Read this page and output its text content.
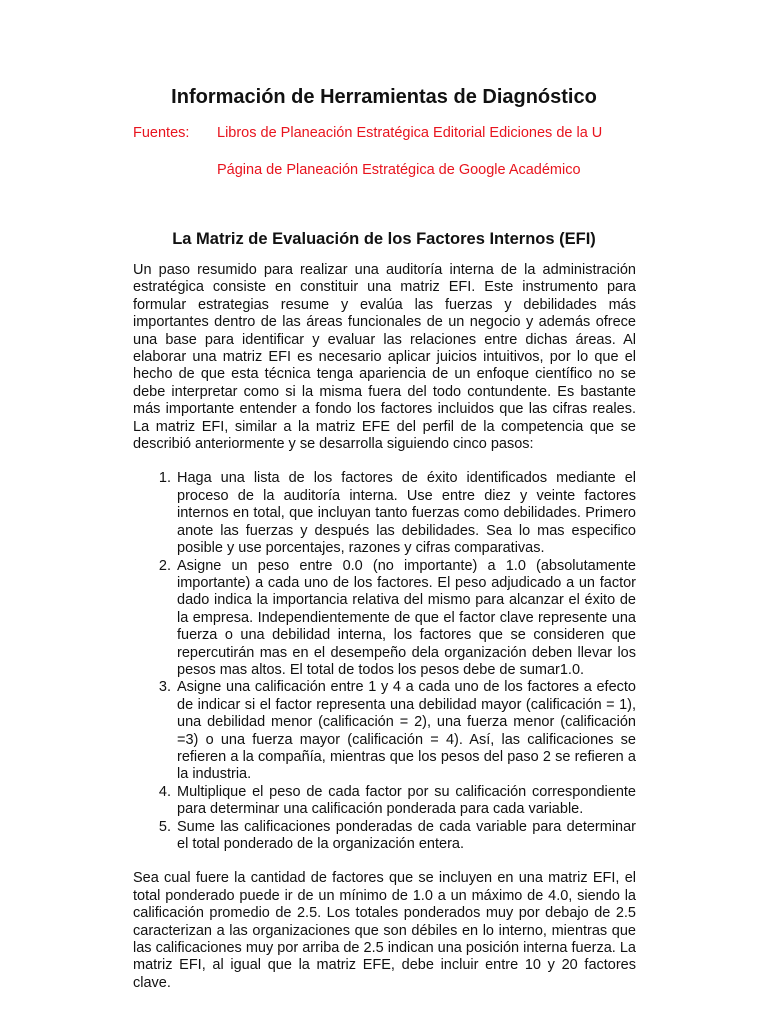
Información de Herramientas de Diagnóstico
Fuentes:	Libros de Planeación Estratégica Editorial Ediciones de la U
Página de Planeación Estratégica de Google Académico
La Matriz de Evaluación de los Factores Internos (EFI)

Un paso resumido para realizar una auditoría interna de la administración estratégica consiste en constituir una matriz EFI. Este instrumento para formular estrategias resume y evalúa las fuerzas y debilidades más importantes dentro de las áreas funcionales de un negocio y además ofrece una base para identificar y evaluar las relaciones entre dichas áreas. Al elaborar una matriz EFI es necesario aplicar juicios intuitivos, por lo que el hecho de que esta técnica tenga apariencia de un enfoque científico no se debe interpretar como si la misma fuera del todo contundente. Es bastante más importante entender a fondo los factores incluidos que las cifras reales. La matriz EFI, similar a la matriz EFE del perfil de la competencia que se describió anteriormente y se desarrolla siguiendo cinco pasos:

1. Haga una lista de los factores de éxito identificados mediante el proceso de la auditoría interna. Use entre diez y veinte factores internos en total, que incluyan tanto fuerzas como debilidades. Primero anote las fuerzas y después las debilidades. Sea lo mas especifico posible y use porcentajes, razones y cifras comparativas.
2. Asigne un peso entre 0.0 (no importante) a 1.0 (absolutamente importante) a cada uno de los factores. El peso adjudicado a un factor dado indica la importancia relativa del mismo para alcanzar el éxito de la empresa. Independientemente de que el factor clave represente una fuerza o una debilidad interna, los factores que se consideren que repercutirán mas en el desempeño dela organización deben llevar los pesos mas altos. El total de todos los pesos debe de sumar1.0.
3. Asigne una calificación entre 1 y 4 a cada uno de los factores a efecto de indicar si el factor representa una debilidad mayor (calificación = 1), una debilidad menor (calificación = 2), una fuerza menor (calificación =3) o una fuerza mayor (calificación = 4). Así, las calificaciones se refieren a la compañía, mientras que los pesos del paso 2 se refieren a la industria.
4. Multiplique el peso de cada factor por su calificación correspondiente para determinar una calificación ponderada para cada variable.
5. Sume las calificaciones ponderadas de cada variable para determinar el total ponderado de la organización entera.

Sea cual fuere la cantidad de factores que se incluyen en una matriz EFI, el total ponderado puede ir de un mínimo de 1.0 a un máximo de 4.0, siendo la calificación promedio de 2.5. Los totales ponderados muy por debajo de 2.5 caracterizan a las organizaciones que son débiles en lo interno, mientras que las calificaciones muy por arriba de 2.5 indican una posición interna fuerza. La matriz EFI, al igual que la matriz EFE, debe incluir entre 10 y 20 factores clave.
